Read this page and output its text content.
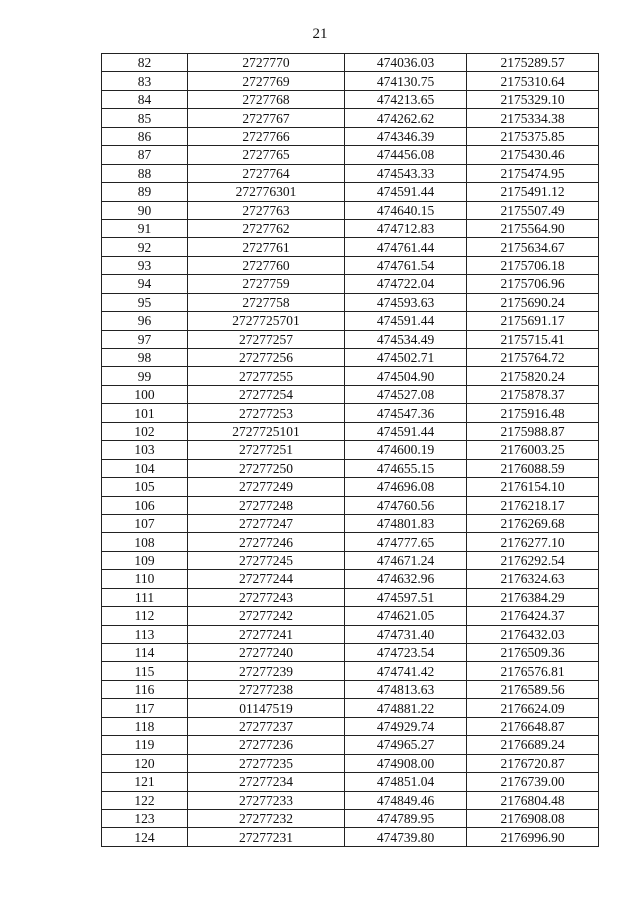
21
82	2727770	474036.03	2175289.57
83	2727769	474130.75	2175310.64
84	2727768	474213.65	2175329.10
85	2727767	474262.62	2175334.38
86	2727766	474346.39	2175375.85
87	2727765	474456.08	2175430.46
88	2727764	474543.33	2175474.95
89	272776301	474591.44	2175491.12
90	2727763	474640.15	2175507.49
91	2727762	474712.83	2175564.90
92	2727761	474761.44	2175634.67
93	2727760	474761.54	2175706.18
94	2727759	474722.04	2175706.96
95	2727758	474593.63	2175690.24
96	2727725701	474591.44	2175691.17
97	27277257	474534.49	2175715.41
98	27277256	474502.71	2175764.72
99	27277255	474504.90	2175820.24
100	27277254	474527.08	2175878.37
101	27277253	474547.36	2175916.48
102	2727725101	474591.44	2175988.87
103	27277251	474600.19	2176003.25
104	27277250	474655.15	2176088.59
105	27277249	474696.08	2176154.10
106	27277248	474760.56	2176218.17
107	27277247	474801.83	2176269.68
108	27277246	474777.65	2176277.10
109	27277245	474671.24	2176292.54
110	27277244	474632.96	2176324.63
111	27277243	474597.51	2176384.29
112	27277242	474621.05	2176424.37
113	27277241	474731.40	2176432.03
114	27277240	474723.54	2176509.36
115	27277239	474741.42	2176576.81
116	27277238	474813.63	2176589.56
117	01147519	474881.22	2176624.09
118	27277237	474929.74	2176648.87
119	27277236	474965.27	2176689.24
120	27277235	474908.00	2176720.87
121	27277234	474851.04	2176739.00
122	27277233	474849.46	2176804.48
123	27277232	474789.95	2176908.08
124	27277231	474739.80	2176996.90
